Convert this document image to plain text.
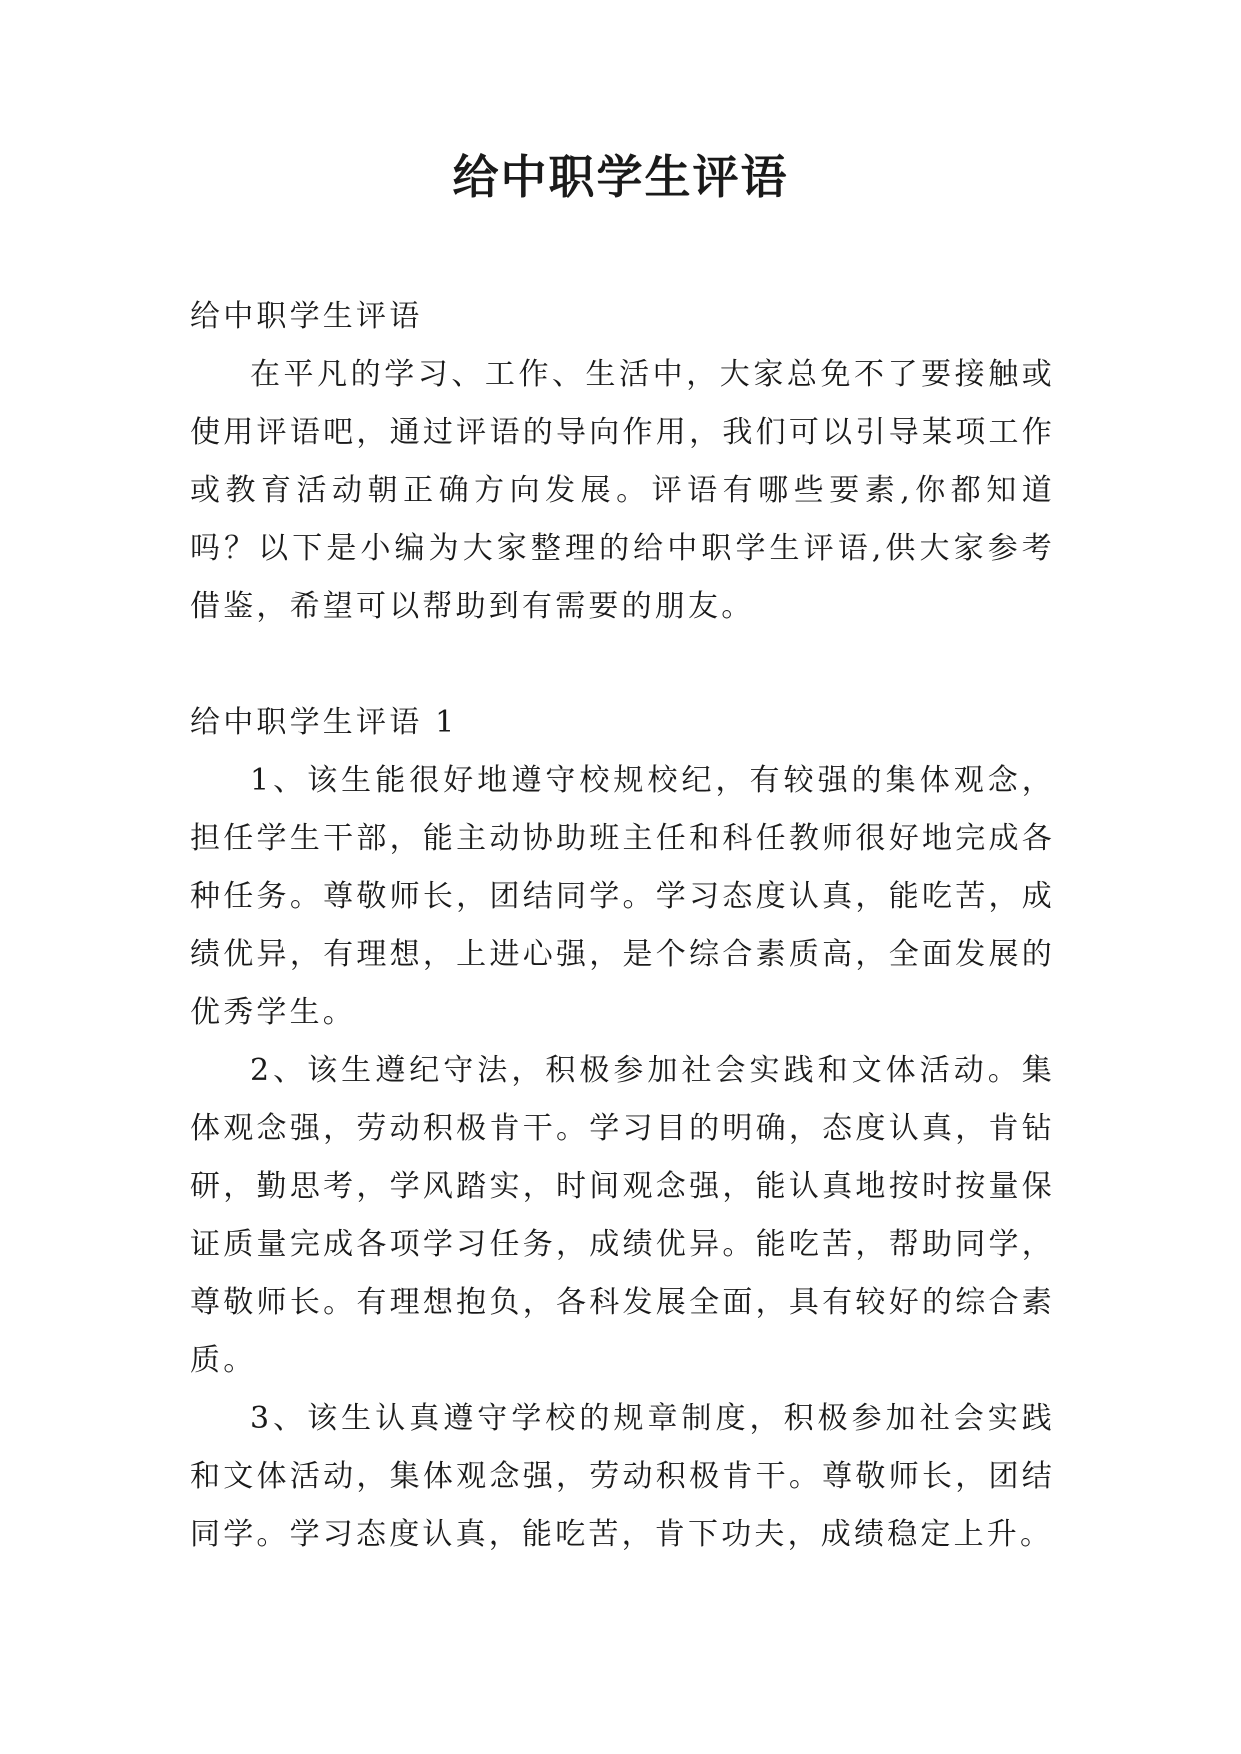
给中职学生评语

给中职学生评语

在平凡的学习、工作、生活中，大家总免不了要接触或使用评语吧，通过评语的导向作用，我们可以引导某项工作或教育活动朝正确方向发展。评语有哪些要素,你都知道吗？以下是小编为大家整理的给中职学生评语,供大家参考借鉴，希望可以帮助到有需要的朋友。

给中职学生评语 1

1、该生能很好地遵守校规校纪，有较强的集体观念，担任学生干部，能主动协助班主任和科任教师很好地完成各种任务。尊敬师长，团结同学。学习态度认真，能吃苦，成绩优异，有理想，上进心强，是个综合素质高，全面发展的优秀学生。

2、该生遵纪守法，积极参加社会实践和文体活动。集体观念强，劳动积极肯干。学习目的明确，态度认真，肯钻研，勤思考，学风踏实，时间观念强，能认真地按时按量保证质量完成各项学习任务，成绩优异。能吃苦，帮助同学，尊敬师长。有理想抱负，各科发展全面，具有较好的综合素质。

3、该生认真遵守学校的规章制度，积极参加社会实践和文体活动，集体观念强，劳动积极肯干。尊敬师长，团结同学。学习态度认真，能吃苦，肯下功夫，成绩稳定上升。
